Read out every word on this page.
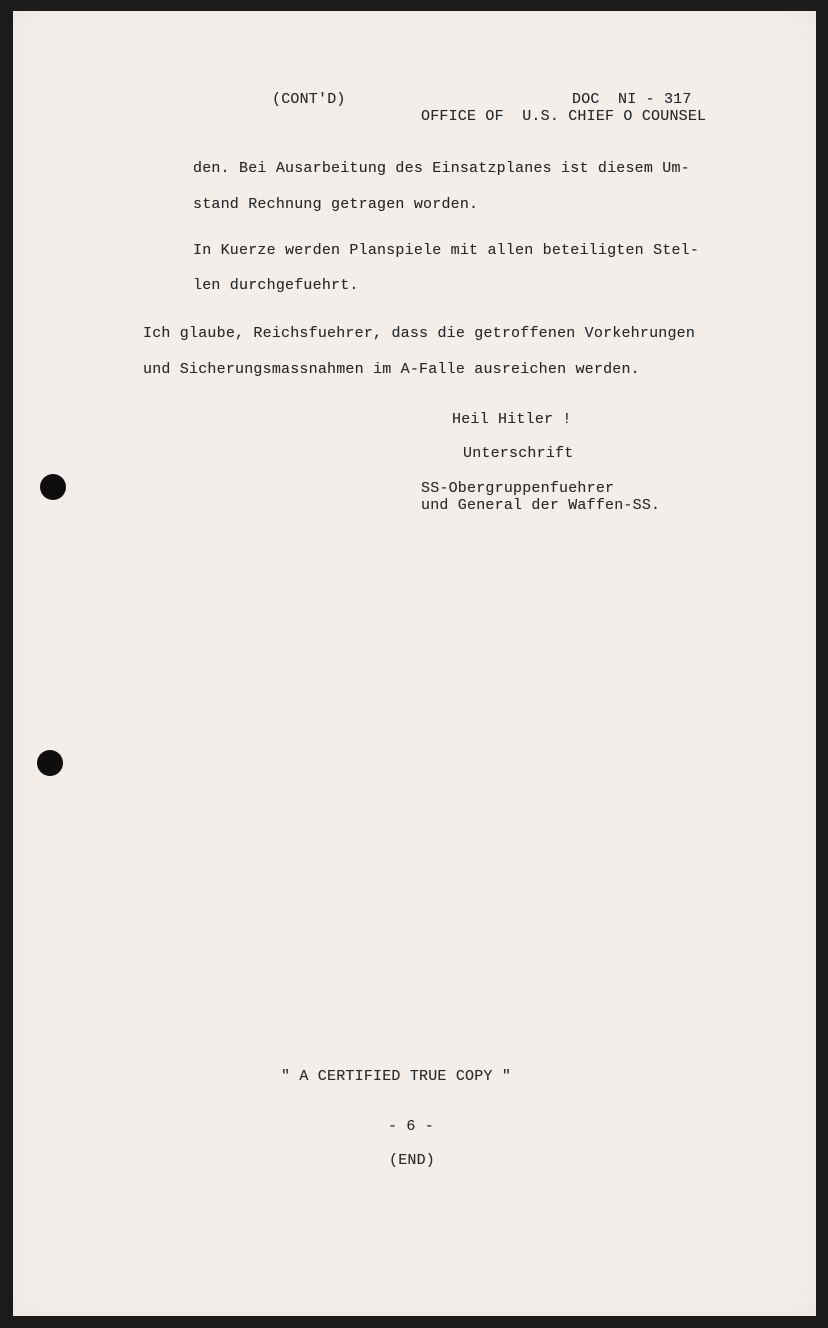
(CONT'D)	DOC  NI - 317
OFFICE OF  U.S. CHIEF O COUNSEL
den. Bei Ausarbeitung des Einsatzplanes ist diesem Um-
stand Rechnung getragen worden.
In Kuerze werden Planspiele mit allen beteiligten Stel-
len durchgefuehrt.
Ich glaube, Reichsfuehrer, dass die getroffenen Vorkehrungen
und Sicherungsmassnahmen im A-Falle ausreichen werden.
Heil Hitler !
Unterschrift
SS-Obergruppenfuehrer
und General der Waffen-SS.
" A CERTIFIED TRUE COPY "
- 6 -
(END)
